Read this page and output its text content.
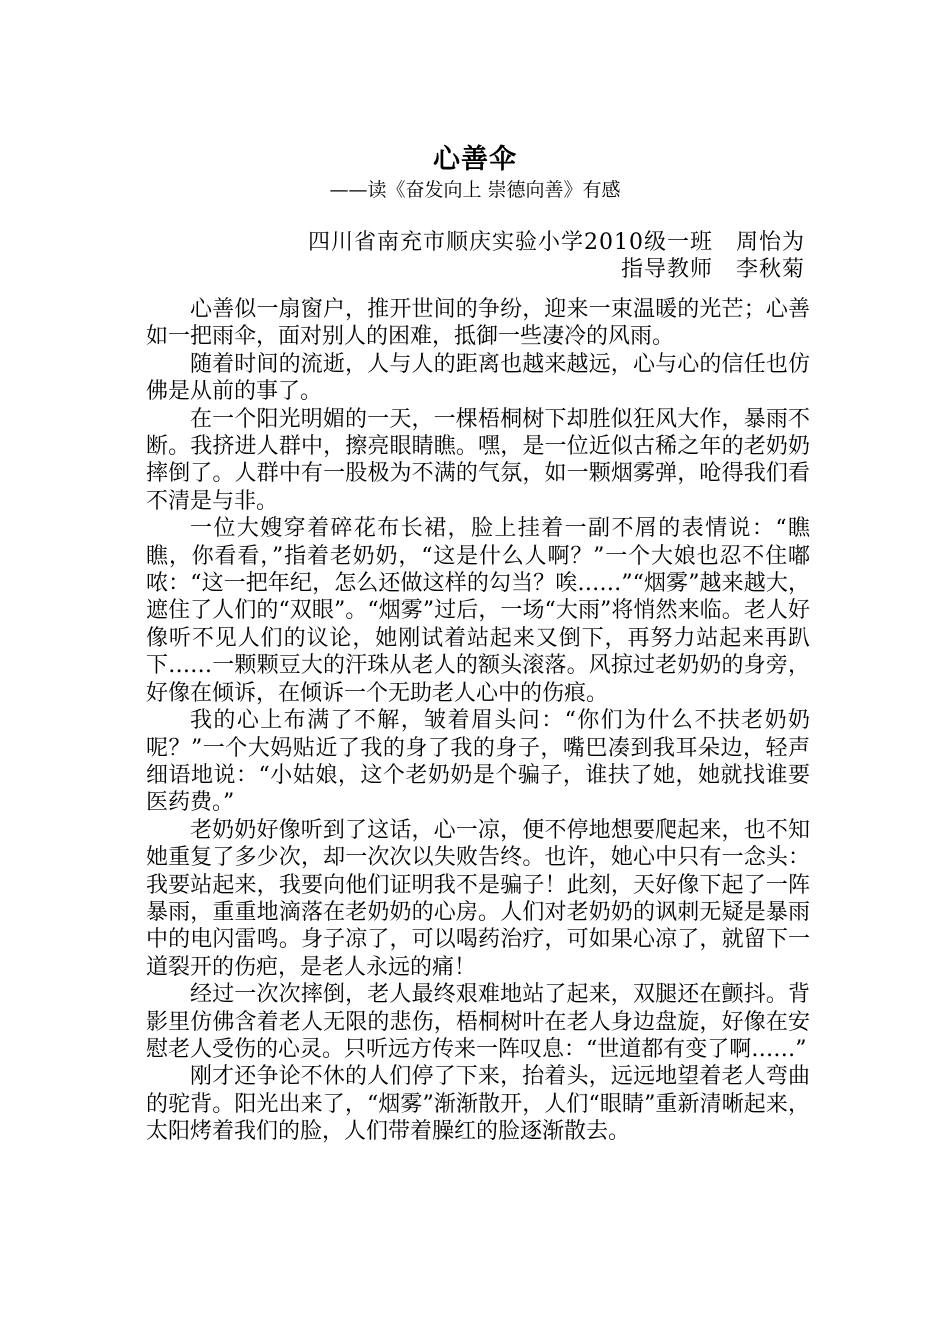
心善伞
——读《奋发向上 崇德向善》有感
四川省南充市顺庆实验小学2010级一班　周怡为
指导教师　李秋菊

心善似一扇窗户，推开世间的争纷，迎来一束温暖的光芒；心善如一把雨伞，面对别人的困难，抵御一些凄冷的风雨。

随着时间的流逝，人与人的距离也越来越远，心与心的信任也仿佛是从前的事了。

在一个阳光明媚的一天，一棵梧桐树下却胜似狂风大作，暴雨不断。我挤进人群中，擦亮眼睛瞧。嘿，是一位近似古稀之年的老奶奶摔倒了。人群中有一股极为不满的气氛，如一颗烟雾弹，呛得我们看不清是与非。

一位大嫂穿着碎花布长裙，脸上挂着一副不屑的表情说：“瞧瞧，你看看，”指着老奶奶，“这是什么人啊？”一个大娘也忍不住嘟哝：“这一把年纪，怎么还做这样的勾当？唉……”“烟雾”越来越大，遮住了人们的“双眼”。“烟雾”过后，一场“大雨”将悄然来临。老人好像听不见人们的议论，她刚试着站起来又倒下，再努力站起来再趴下……一颗颗豆大的汗珠从老人的额头滚落。风掠过老奶奶的身旁，好像在倾诉，在倾诉一个无助老人心中的伤痕。

我的心上布满了不解，皱着眉头问：“你们为什么不扶老奶奶呢？”一个大妈贴近了我的身了我的身子，嘴巴凑到我耳朵边，轻声细语地说：“小姑娘，这个老奶奶是个骗子，谁扶了她，她就找谁要医药费。”

老奶奶好像听到了这话，心一凉，便不停地想要爬起来，也不知她重复了多少次，却一次次以失败告终。也许，她心中只有一念头：我要站起来，我要向他们证明我不是骗子！此刻，天好像下起了一阵暴雨，重重地滴落在老奶奶的心房。人们对老奶奶的讽刺无疑是暴雨中的电闪雷鸣。身子凉了，可以喝药治疗，可如果心凉了，就留下一道裂开的伤疤，是老人永远的痛！

经过一次次摔倒，老人最终艰难地站了起来，双腿还在颤抖。背影里仿佛含着老人无限的悲伤，梧桐树叶在老人身边盘旋，好像在安慰老人受伤的心灵。只听远方传来一阵叹息：“世道都有变了啊……”

刚才还争论不休的人们停了下来，抬着头，远远地望着老人弯曲的驼背。阳光出来了，“烟雾”渐渐散开，人们“眼睛”重新清晰起来，太阳烤着我们的脸，人们带着臊红的脸逐渐散去。
